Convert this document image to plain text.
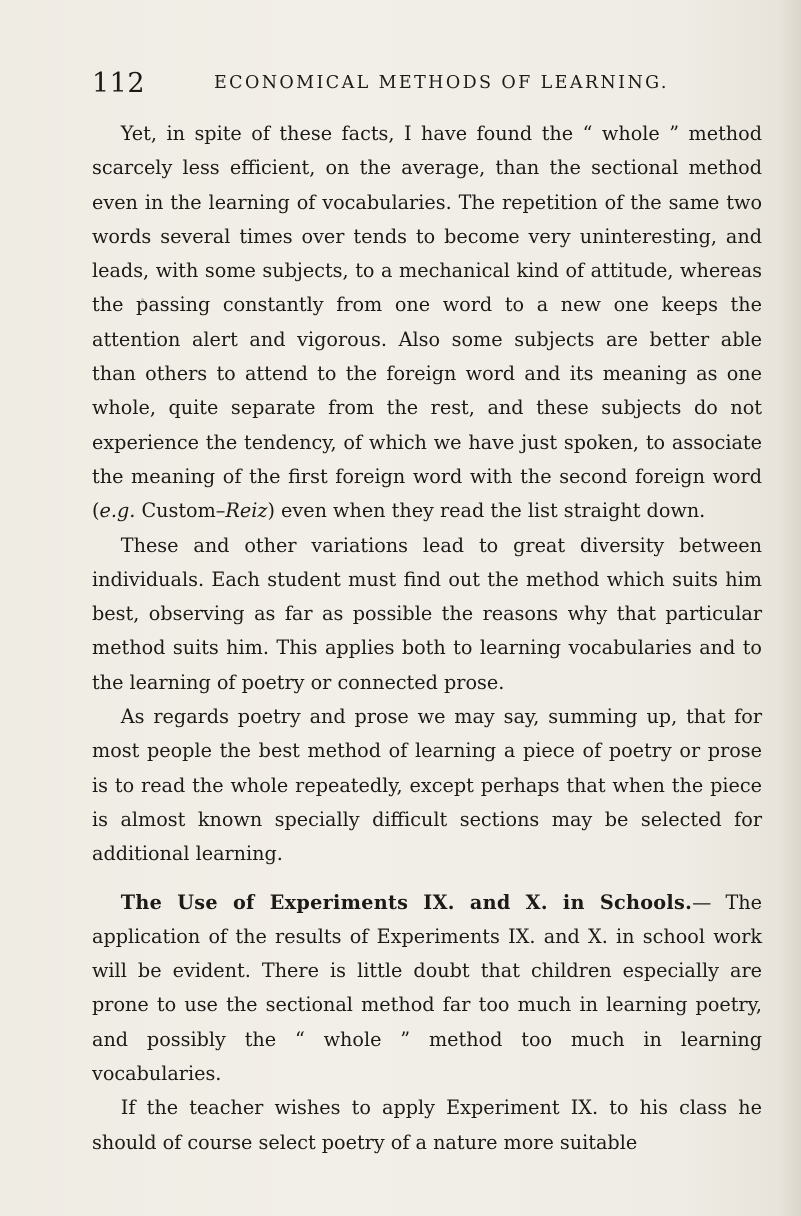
112	ECONOMICAL METHODS OF LEARNING.

Yet, in spite of these facts, I have found the “ whole ” method scarcely less efficient, on the average, than the sectional method even in the learning of vocabularies. The repetition of the same two words several times over tends to become very uninteresting, and leads, with some subjects, to a mechanical kind of attitude, whereas the passing constantly from one word to a new one keeps the attention alert and vigorous. Also some subjects are better able than others to attend to the foreign word and its meaning as one whole, quite separate from the rest, and these subjects do not experience the tendency, of which we have just spoken, to associate the meaning of the first foreign word with the second foreign word (e.g. Custom–Reiz) even when they read the list straight down.

These and other variations lead to great diversity between individuals. Each student must find out the method which suits him best, observing as far as possible the reasons why that particular method suits him. This applies both to learning vocabularies and to the learning of poetry or connected prose.

As regards poetry and prose we may say, summing up, that for most people the best method of learning a piece of poetry or prose is to read the whole repeatedly, except perhaps that when the piece is almost known specially difficult sections may be selected for additional learning.

The Use of Experiments IX. and X. in Schools.— The application of the results of Experiments IX. and X. in school work will be evident. There is little doubt that children especially are prone to use the sectional method far too much in learning poetry, and possibly the “ whole ” method too much in learning vocabularies.

If the teacher wishes to apply Experiment IX. to his class he should of course select poetry of a nature more suitable
